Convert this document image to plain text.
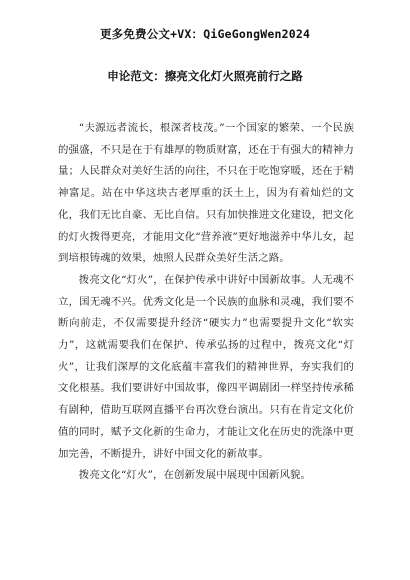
更多免费公文+VX：QiGeGongWen2024
申论范文：擦亮文化灯火照亮前行之路

“夫源远者流长，根深者枝茂。”一个国家的繁荣、一个民族的强盛，不只是在于有雄厚的物质财富，还在于有强大的精神力量；人民群众对美好生活的向往，不只在于吃饱穿暖，还在于精神富足。站在中华这块古老厚重的沃土上，因为有着灿烂的文化，我们无比自豪、无比自信。只有加快推进文化建设，把文化的灯火拨得更亮，才能用文化“营养液”更好地滋养中华儿女，起到培根铸魂的效果，烛照人民群众美好生活之路。

拨亮文化“灯火”，在保护传承中讲好中国新故事。人无魂不立，国无魂不兴。优秀文化是一个民族的血脉和灵魂，我们要不断向前走，不仅需要提升经济“硬实力”也需要提升文化“软实力”，这就需要我们在保护、传承弘扬的过程中，拨亮文化“灯火”，让我们深厚的文化底蕴丰富我们的精神世界，夯实我们的文化根基。我们要讲好中国故事，像四平调剧团一样坚持传承稀有剧种，借助互联网直播平台再次登台演出。只有在肯定文化价值的同时，赋予文化新的生命力，才能让文化在历史的洗涤中更加完善，不断提升，讲好中国文化的新故事。

拨亮文化“灯火”，在创新发展中展现中国新风貌。
